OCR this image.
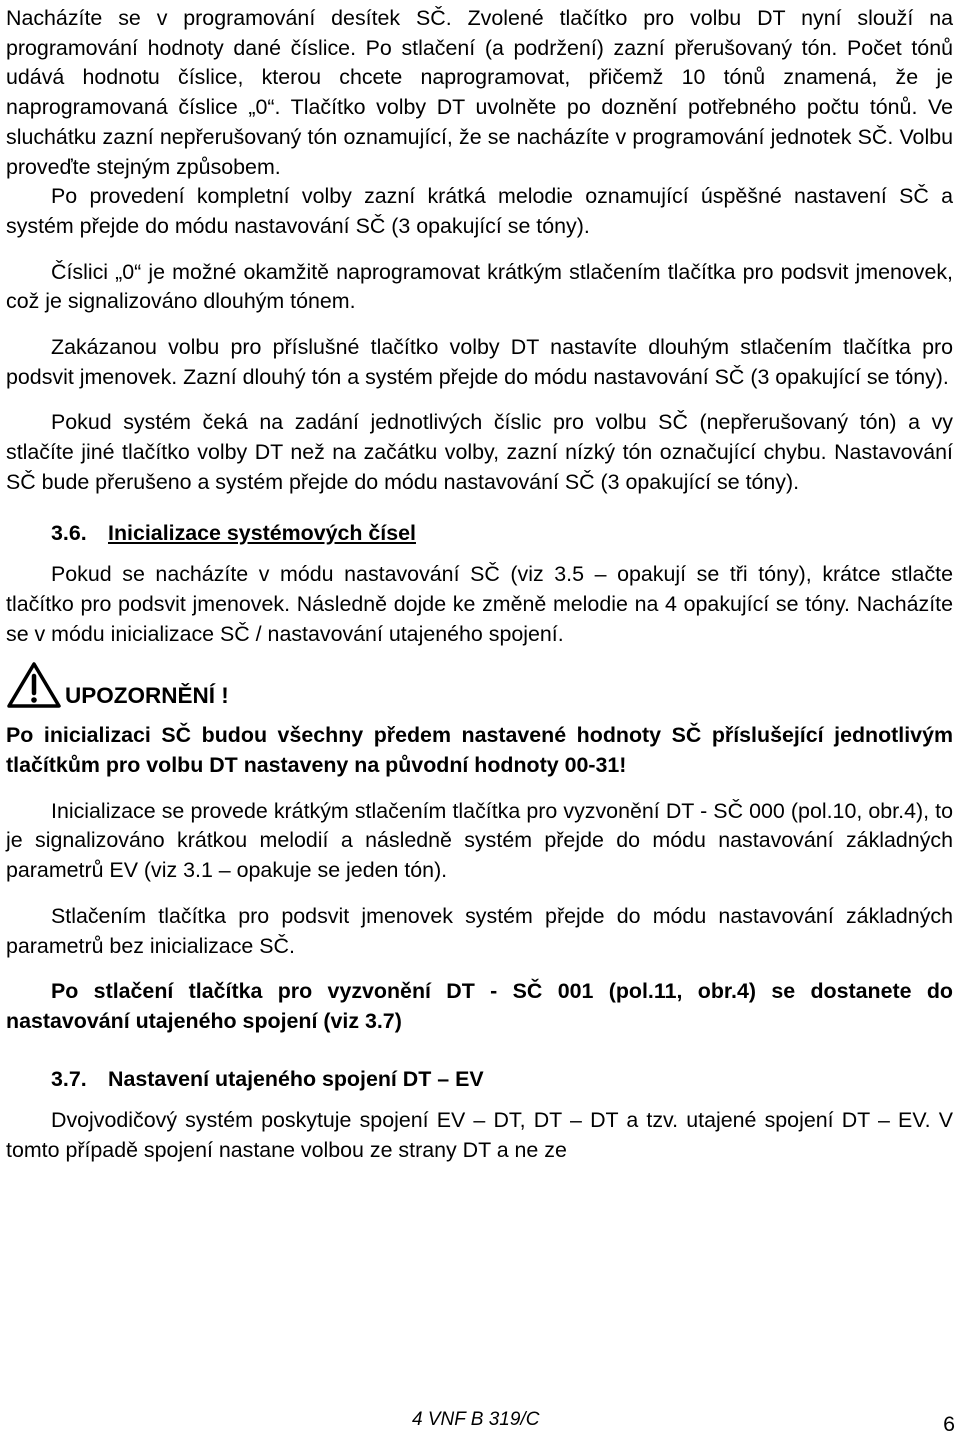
Nacházíte se v programování desítek SČ. Zvolené tlačítko pro volbu DT nyní slouží na programování hodnoty dané číslice. Po stlačení (a podržení) zazní přerušovaný tón. Počet tónů udává hodnotu číslice, kterou chcete naprogramovat, přičemž 10 tónů znamená, že je naprogramovaná číslice „0“. Tlačítko volby DT uvolněte po doznění potřebného počtu tónů. Ve sluchátku zazní nepřerušovaný tón oznamující, že se nacházíte v programování jednotek SČ. Volbu proveďte stejným způsobem.

Po provedení kompletní volby zazní krátká melodie oznamující úspěšné nastavení SČ a systém přejde do módu nastavování SČ (3 opakující se tóny).

Číslici „0“ je možné okamžitě naprogramovat krátkým stlačením tlačítka pro podsvit jmenovek, což je signalizováno dlouhým tónem.

Zakázanou volbu pro příslušné tlačítko volby DT nastavíte dlouhým stlačením tlačítka pro podsvit jmenovek. Zazní dlouhý tón a systém přejde do módu nastavování SČ (3 opakující se tóny).

Pokud systém čeká na zadání jednotlivých číslic pro volbu SČ (nepřerušovaný tón) a vy stlačíte jiné tlačítko volby DT než na začátku volby, zazní nízký tón označující chybu. Nastavování SČ bude přerušeno a systém přejde do módu nastavování SČ (3 opakující se tóny).

3.6. Inicializace systémových čísel

Pokud se nacházíte v módu nastavování SČ (viz 3.5 – opakují se tři tóny), krátce stlačte tlačítko pro podsvit jmenovek. Následně dojde ke změně melodie na 4 opakující se tóny. Nacházíte se v módu inicializace SČ / nastavování utajeného spojení.

UPOZORNĚNÍ !

Po inicializaci SČ budou všechny předem nastavené hodnoty SČ příslušející jednotlivým tlačítkům pro volbu DT nastaveny na původní hodnoty 00-31!

Inicializace se provede krátkým stlačením tlačítka pro vyzvonění DT - SČ 000 (pol.10, obr.4), to je signalizováno krátkou melodií a následně systém přejde do módu nastavování základných parametrů EV (viz 3.1 – opakuje se jeden tón).

Stlačením tlačítka pro podsvit jmenovek systém přejde do módu nastavování základných parametrů bez inicializace SČ.

Po stlačení tlačítka pro vyzvonění DT - SČ 001 (pol.11, obr.4) se dostanete do nastavování utajeného spojení (viz 3.7)

3.7. Nastavení utajeného spojení DT – EV

Dvojvodičový systém poskytuje spojení EV – DT, DT – DT a tzv. utajené spojení DT – EV. V tomto případě spojení nastane volbou ze strany DT a ne ze

4 VNF B 319/C	6
